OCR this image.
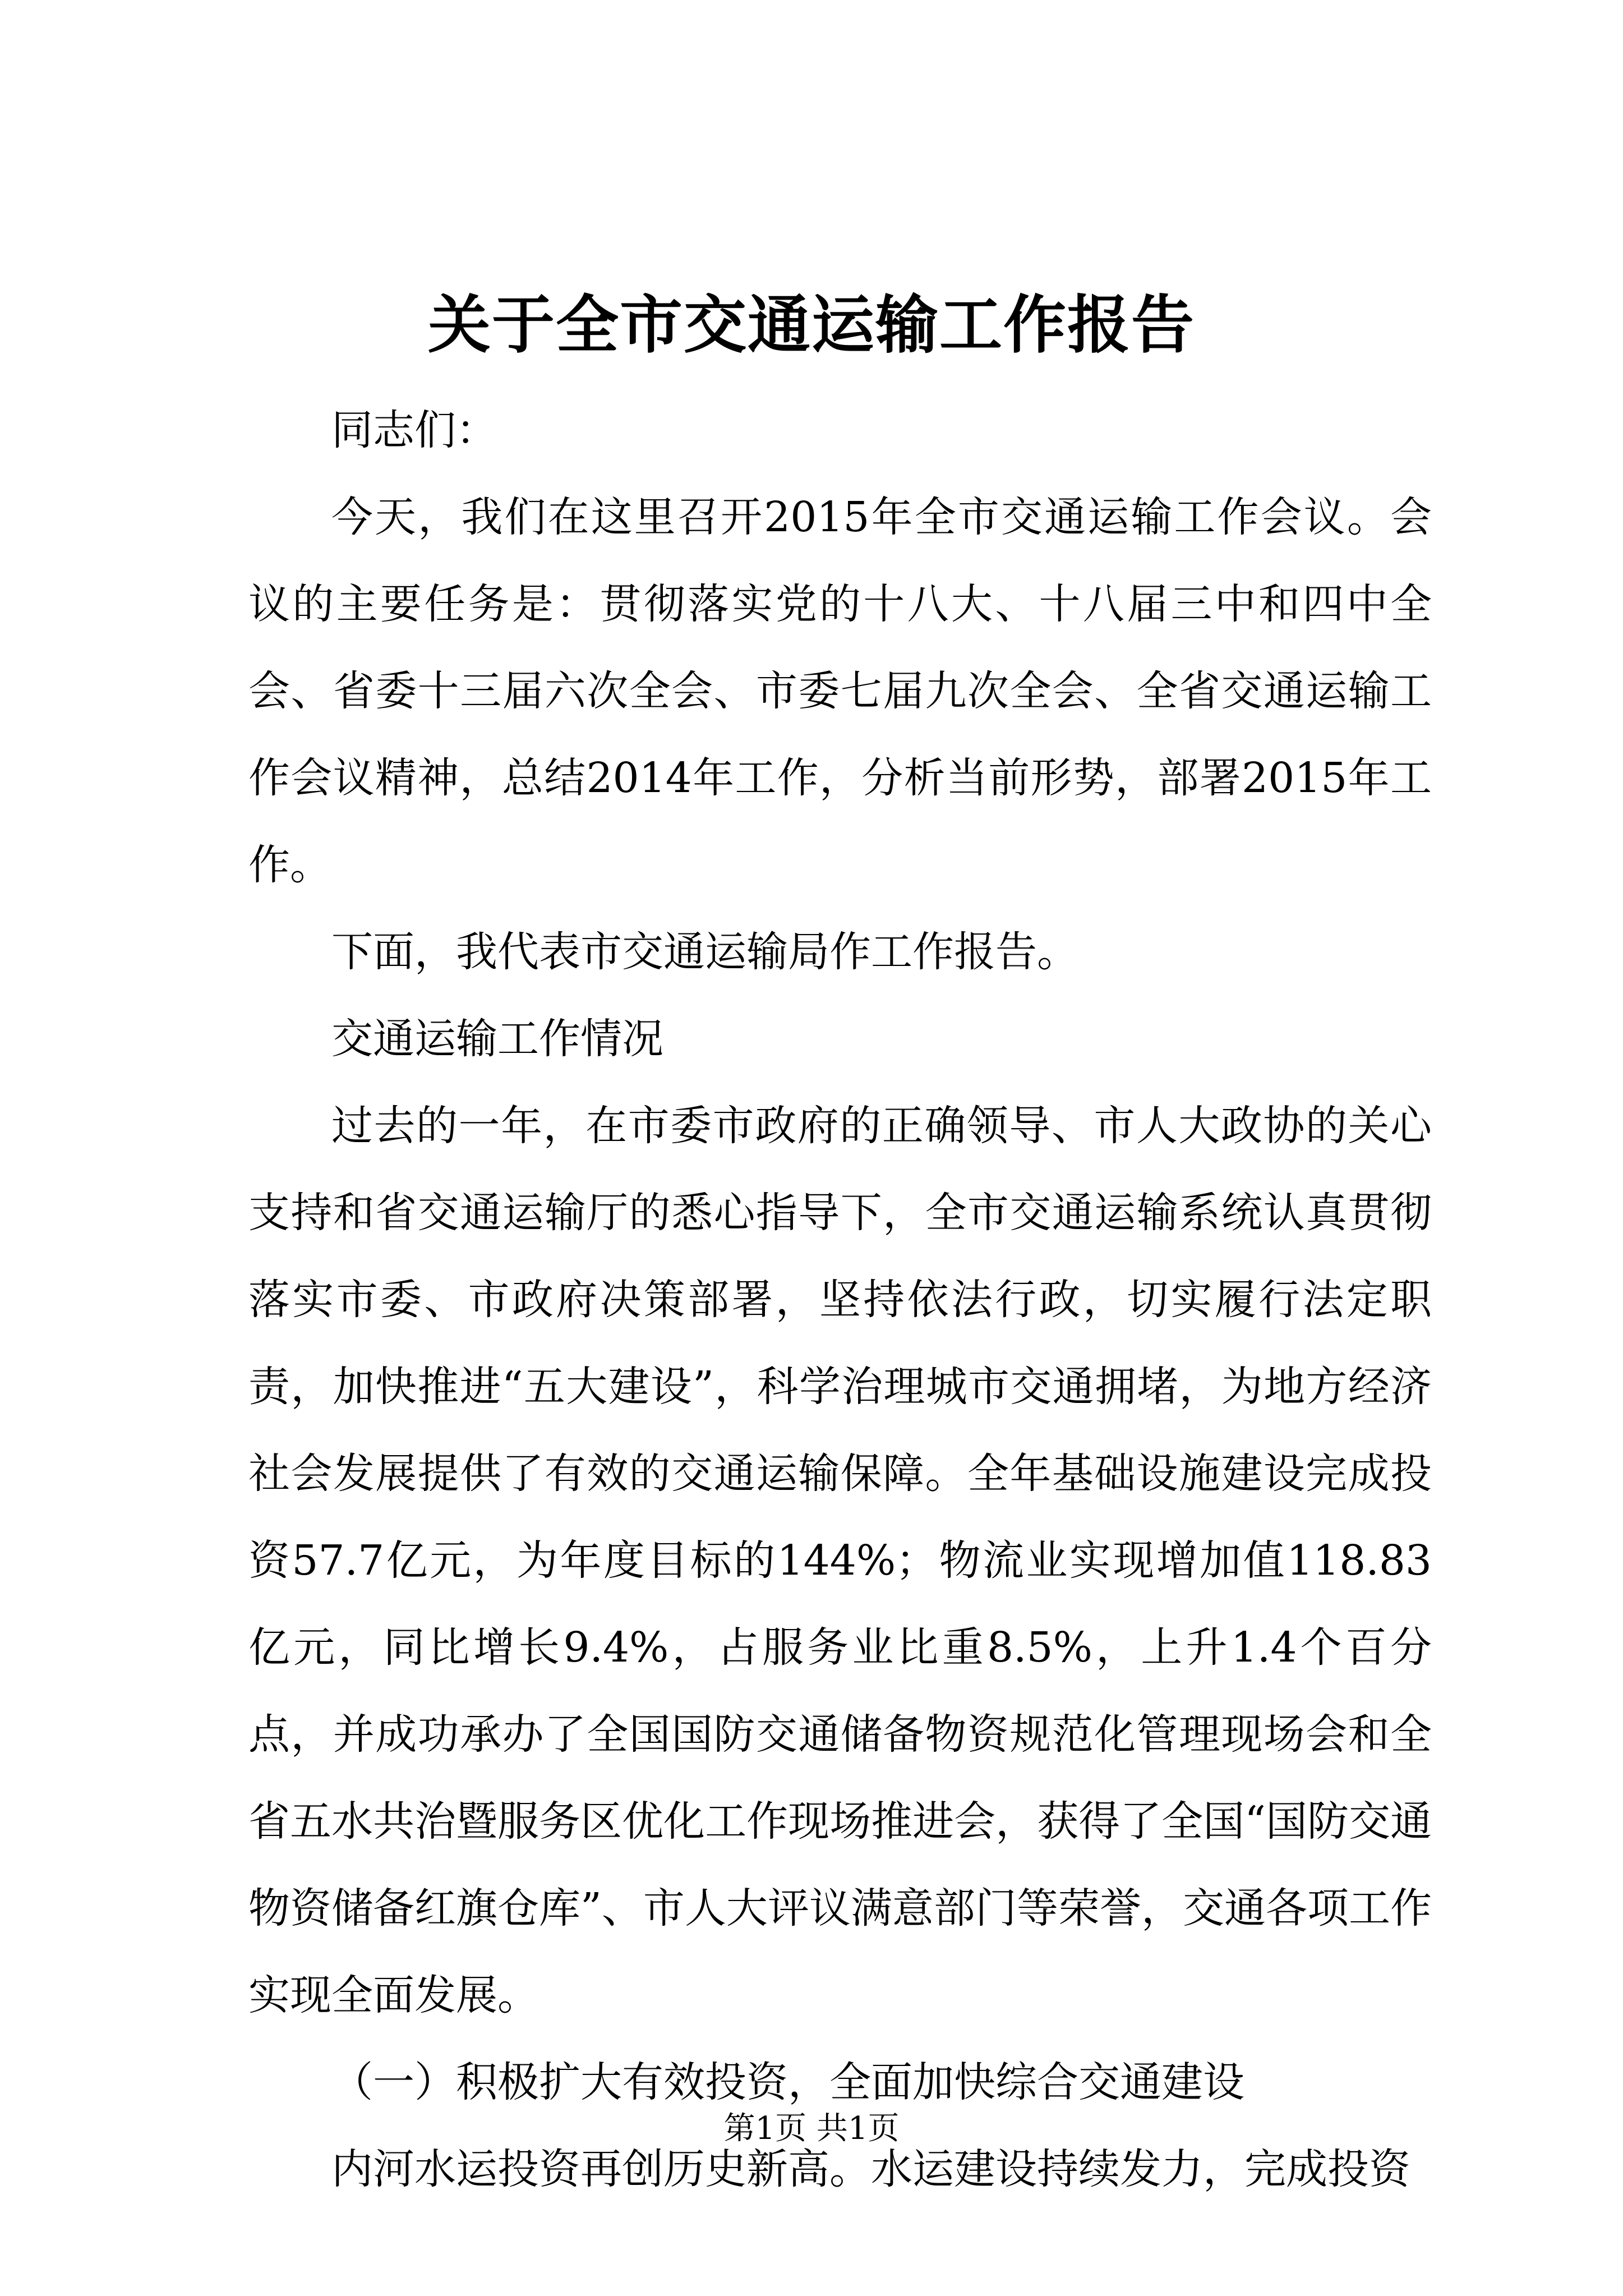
关于全市交通运输工作报告

同志们：

今天，我们在这里召开2015年全市交通运输工作会议。会议的主要任务是：贯彻落实党的十八大、十八届三中和四中全会、省委十三届六次全会、市委七届九次全会、全省交通运输工作会议精神，总结2014年工作，分析当前形势，部署2015年工作。

下面，我代表市交通运输局作工作报告。

交通运输工作情况

过去的一年，在市委市政府的正确领导、市人大政协的关心支持和省交通运输厅的悉心指导下，全市交通运输系统认真贯彻落实市委、市政府决策部署，坚持依法行政，切实履行法定职责，加快推进“五大建设”，科学治理城市交通拥堵，为地方经济社会发展提供了有效的交通运输保障。全年基础设施建设完成投资57.7亿元，为年度目标的144%；物流业实现增加值118.83亿元，同比增长9.4%，占服务业比重8.5%，上升1.4个百分点，并成功承办了全国国防交通储备物资规范化管理现场会和全省五水共治暨服务区优化工作现场推进会，获得了全国“国防交通物资储备红旗仓库”、市人大评议满意部门等荣誉，交通各项工作实现全面发展。

（一）积极扩大有效投资，全面加快综合交通建设

内河水运投资再创历史新高。水运建设持续发力，完成投资

第1页 共1页
